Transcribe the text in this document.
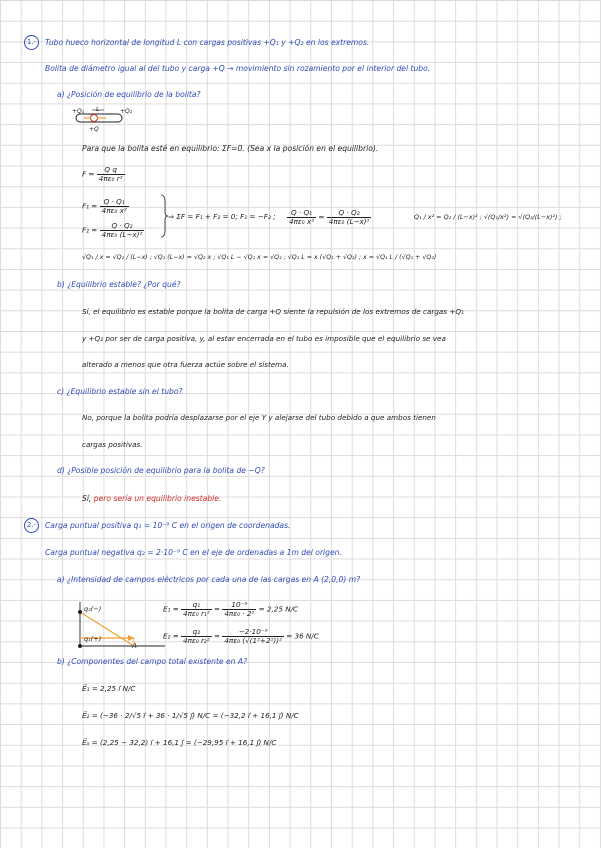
1.-	Tubo hueco horizontal de longitud L con cargas positivas +Q₁ y +Q₂ en los extremos.
Bolita de diámetro igual al del tubo y carga +Q → movimiento sin rozamiento por el interior del tubo.
a) ¿Posición de equilibrio de la bolita?
+Q₁ L	+Q₂
+Q
Para que la bolita esté en equilibrio: ΣF=0. (Sea x la posición en el equilibrio).
$F = \frac{\text{Q q}}{\text{4πε₀ r²}}$
$F_1 = \frac{\text{Q · Q₁}}{\text{4πε₀ x²}}$
$F_2 = \frac{\text{Q · Q₂}}{\text{4πε₀ (L−x)²}}$
⇒ ΣF = F₁ + F₂ = 0; F₁ = −F₂ ; $\frac{\text{Q · Q₁}}{\text{4πε₀ x²}} = \frac{\text{Q · Q₂}}{\text{4πε₀ (L−x)²}}$	Q₁ / x² = Q₂ / (L−x)² ; √(Q₁/x²) = √(Q₂/(L−x)²) ;
√Q₁ / x = √Q₂ / (L−x) ; √Q₁ (L−x) = √Q₂ x ; √Q₁ L − √Q₁ x = √Q₂ ; √Q₁ L = x (√Q₁ + √Q₂) ; x = √Q₁ L / (√Q₁ + √Q₂)
b) ¿Equilibrio estable? ¿Por qué?
Sí, el equilibrio es estable porque la bolita de carga +Q siente la repulsión de los extremos de cargas +Q₁
y +Q₂ por ser de carga positiva, y, al estar encerrada en el tubo es imposible que el equilibrio se vea
alterado a menos que otra fuerza actúe sobre el sistema.
c) ¿Equilibrio estable sin el tubo?
No, porque la bolita podría desplazarse por el eje Y y alejarse del tubo debido a que ambos tienen
cargas positivas.
d) ¿Posible posición de equilibrio para la bolita de −Q?
Sí, pero sería un equilibrio inestable.
2.-	Carga puntual positiva q₁ = 10⁻⁹ C en el origen de coordenadas.
Carga puntual negativa q₂ = 2·10⁻⁹ C en el eje de ordenadas a 1m del origen.
a) ¿Intensidad de campos eléctricos por cada una de las cargas en A (2,0,0) m?
q₂(−)
q₁(+)
A
$E_1 = \frac{\text{q₁}}{\text{4πε₀ r₁²}} = \frac{\text{10⁻⁹}}{\text{4πε₀ · 2²}} = 2,25$ N/C
$E_2 = \frac{\text{q₂}}{\text{4πε₀ r₂²}} = \frac{\text{−2·10⁻⁹}}{\text{4πε₀ (√(1²+2²))²}} = 36$ N/C
b) ¿Componentes del campo total existente en A?
E⃗₁ = 2,25 i⃗ N/C
E⃗₂ = (−36 · 2/√5 i⃗ + 36 · 1/√5 j⃗) N/C = (−32,2 i⃗ + 16,1 j⃗) N/C
E⃗ₐ = (2,25 − 32,2) i⃗ + 16,1 j⃗ = (−29,95 i⃗ + 16,1 j⃗) N/C
